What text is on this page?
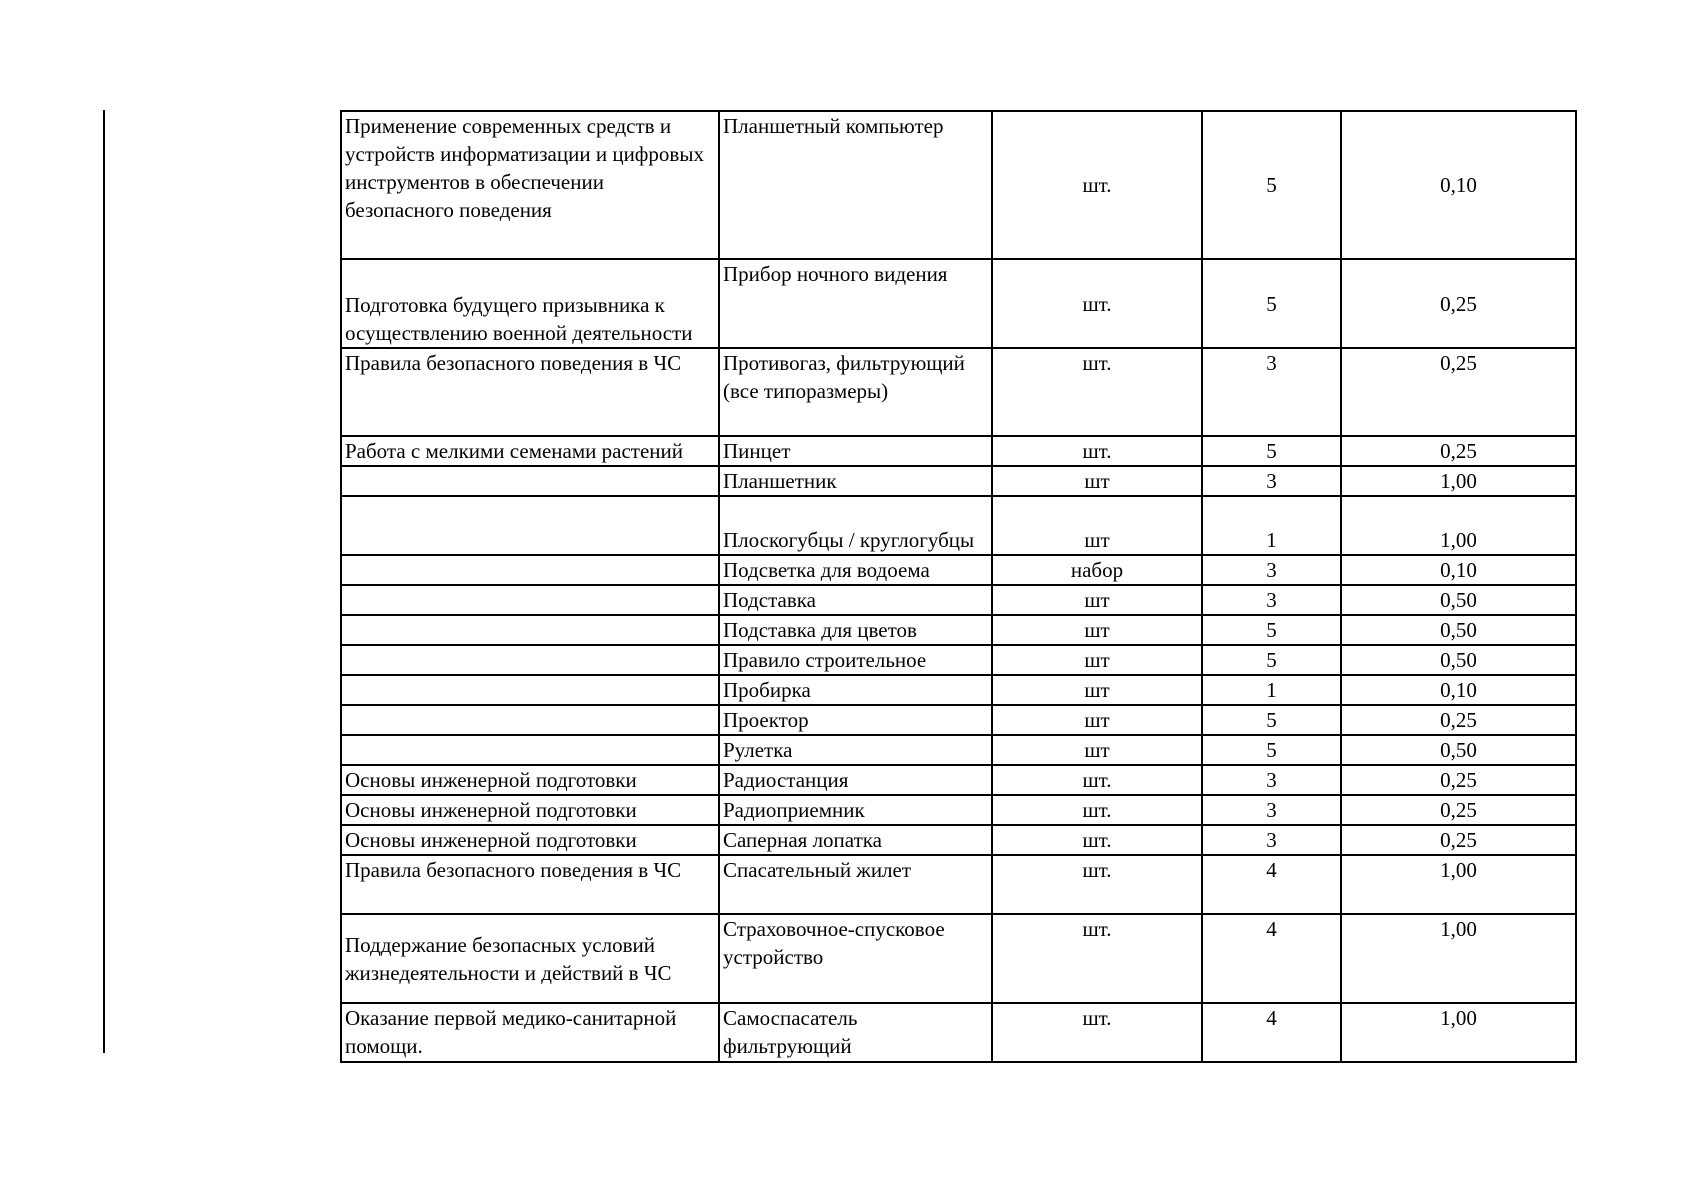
Применение современных средств и устройств информатизации и цифровых инструментов в обеспечении безопасного поведения	Планшетный компьютер	шт.	5	0,10
Подготовка будущего призывника к осуществлению военной деятельности	Прибор ночного видения	шт.	5	0,25
Правила безопасного поведения в ЧС	Противогаз, фильтрующий (все типоразмеры)	шт.	3	0,25
Работа с мелкими семенами растений	Пинцет	шт.	5	0,25
	Планшетник	шт	3	1,00
	Плоскогубцы / круглогубцы	шт	1	1,00
	Подсветка для водоема	набор	3	0,10
	Подставка	шт	3	0,50
	Подставка для цветов	шт	5	0,50
	Правило строительное	шт	5	0,50
	Пробирка	шт	1	0,10
	Проектор	шт	5	0,25
	Рулетка	шт	5	0,50
Основы инженерной подготовки	Радиостанция	шт.	3	0,25
Основы инженерной подготовки	Радиоприемник	шт.	3	0,25
Основы инженерной подготовки	Саперная лопатка	шт.	3	0,25
Правила безопасного поведения в ЧС	Спасательный жилет	шт.	4	1,00
Поддержание безопасных условий жизнедеятельности и действий в ЧС	Страховочное-спусковое устройство	шт.	4	1,00
Оказание первой медико-санитарной помощи.	Самоспасатель фильтрующий	шт.	4	1,00
